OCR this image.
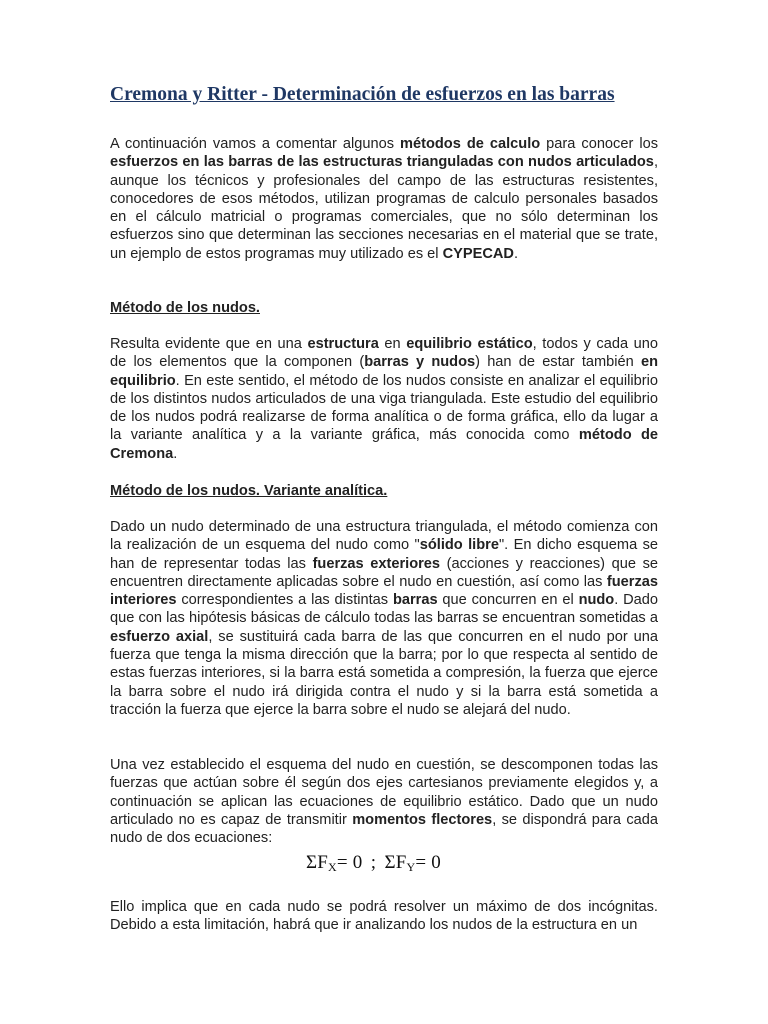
Cremona y Ritter - Determinación de esfuerzos en las barras

A continuación vamos a comentar algunos métodos de calculo para conocer los esfuerzos en las barras de las estructuras trianguladas con nudos articulados, aunque los técnicos y profesionales del campo de las estructuras resistentes, conocedores de esos métodos, utilizan programas de calculo personales basados en el cálculo matricial o programas comerciales, que no sólo determinan los esfuerzos sino que determinan las secciones necesarias en el material que se trate, un ejemplo de estos programas muy utilizado es el CYPECAD.

Método de los nudos.

Resulta evidente que en una estructura en equilibrio estático, todos y cada uno de los elementos que la componen (barras y nudos) han de estar también en equilibrio. En este sentido, el método de los nudos consiste en analizar el equilibrio de los distintos nudos articulados de una viga triangulada. Este estudio del equilibrio de los nudos podrá realizarse de forma analítica o de forma gráfica, ello da lugar a la variante analítica y a la variante gráfica, más conocida como método de Cremona.

Método de los nudos. Variante analítica.

Dado un nudo determinado de una estructura triangulada, el método comienza con la realización de un esquema del nudo como "sólido libre". En dicho esquema se han de representar todas las fuerzas exteriores (acciones y reacciones) que se encuentren directamente aplicadas sobre el nudo en cuestión, así como las fuerzas interiores correspondientes a las distintas barras que concurren en el nudo. Dado que con las hipótesis básicas de cálculo todas las barras se encuentran sometidas a esfuerzo axial, se sustituirá cada barra de las que concurren en el nudo por una fuerza que tenga la misma dirección que la barra; por lo que respecta al sentido de estas fuerzas interiores, si la barra está sometida a compresión, la fuerza que ejerce la barra sobre el nudo irá dirigida contra el nudo y si la barra está sometida a tracción la fuerza que ejerce la barra sobre el nudo se alejará del nudo.

Una vez establecido el esquema del nudo en cuestión, se descomponen todas las fuerzas que actúan sobre él según dos ejes cartesianos previamente elegidos y, a continuación se aplican las ecuaciones de equilibrio estático. Dado que un nudo articulado no es capaz de transmitir momentos flectores, se dispondrá para cada nudo de dos ecuaciones:

$\Sigma F_X= 0$ ; $\Sigma F_Y= 0$

Ello implica que en cada nudo se podrá resolver un máximo de dos incógnitas. Debido a esta limitación, habrá que ir analizando los nudos de la estructura en un
